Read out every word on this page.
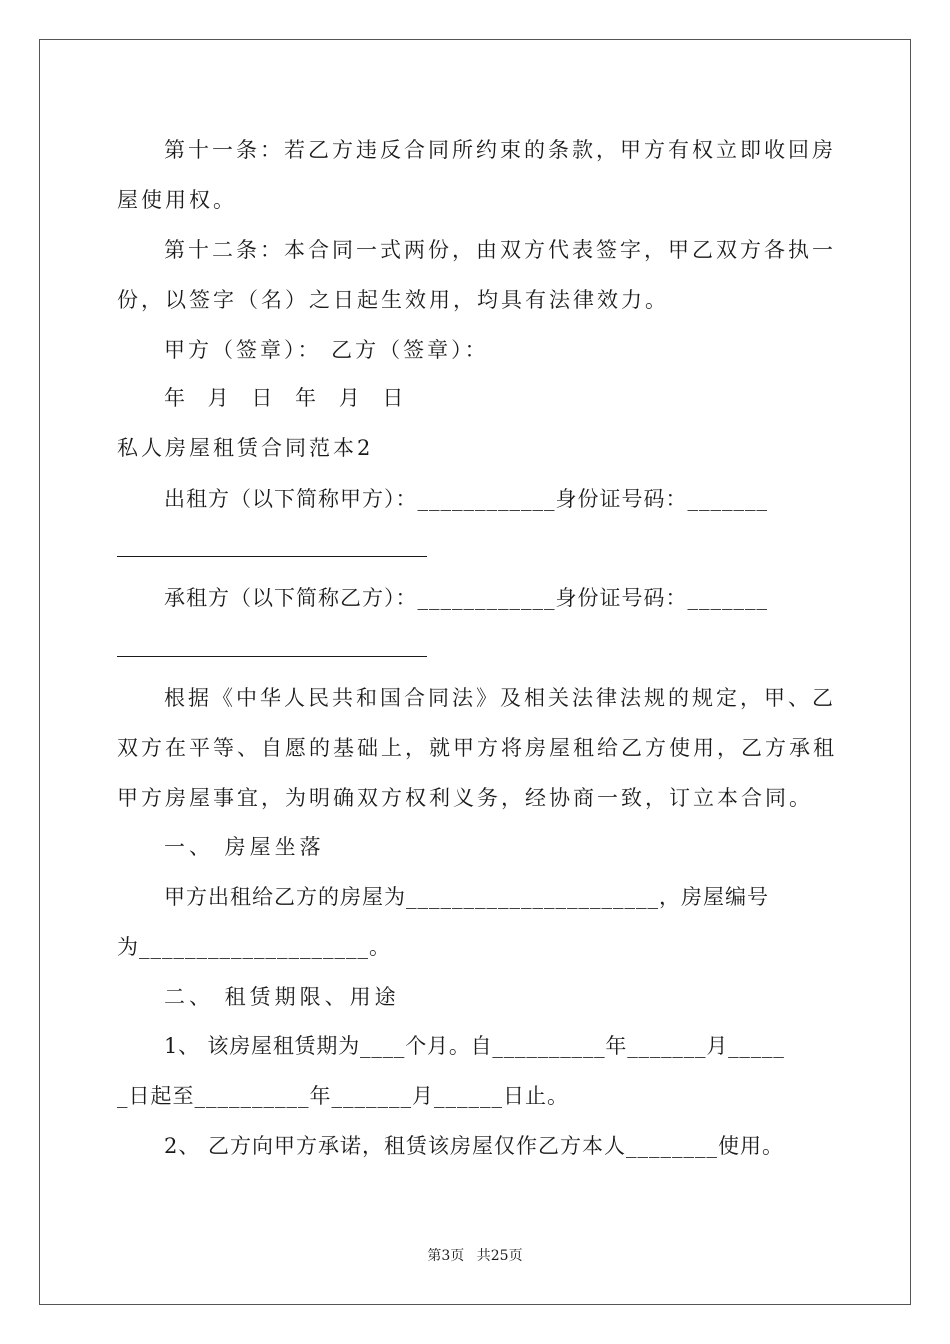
第十一条：若乙方违反合同所约束的条款，甲方有权立即收回房
屋使用权。
第十二条：本合同一式两份，由双方代表签字，甲乙双方各执一
份，以签字（名）之日起生效用，均具有法律效力。
甲方（签章）： 乙方（签章）：
年 月 日 年 月 日
私人房屋租赁合同范本2
出租方（以下简称甲方）：____________身份证号码：_______
承租方（以下简称乙方）：____________身份证号码：_______
根据《中华人民共和国合同法》及相关法律法规的规定，甲、乙
双方在平等、自愿的基础上，就甲方将房屋租给乙方使用，乙方承租
甲方房屋事宜，为明确双方权利义务，经协商一致，订立本合同。
一、 房屋坐落
甲方出租给乙方的房屋为______________________，房屋编号
为____________________。
二、 租赁期限、用途
1、 该房屋租赁期为____个月。自__________年_______月_____
_日起至__________年_______月______日止。
2、 乙方向甲方承诺，租赁该房屋仅作乙方本人________使用。
第3页 共25页
